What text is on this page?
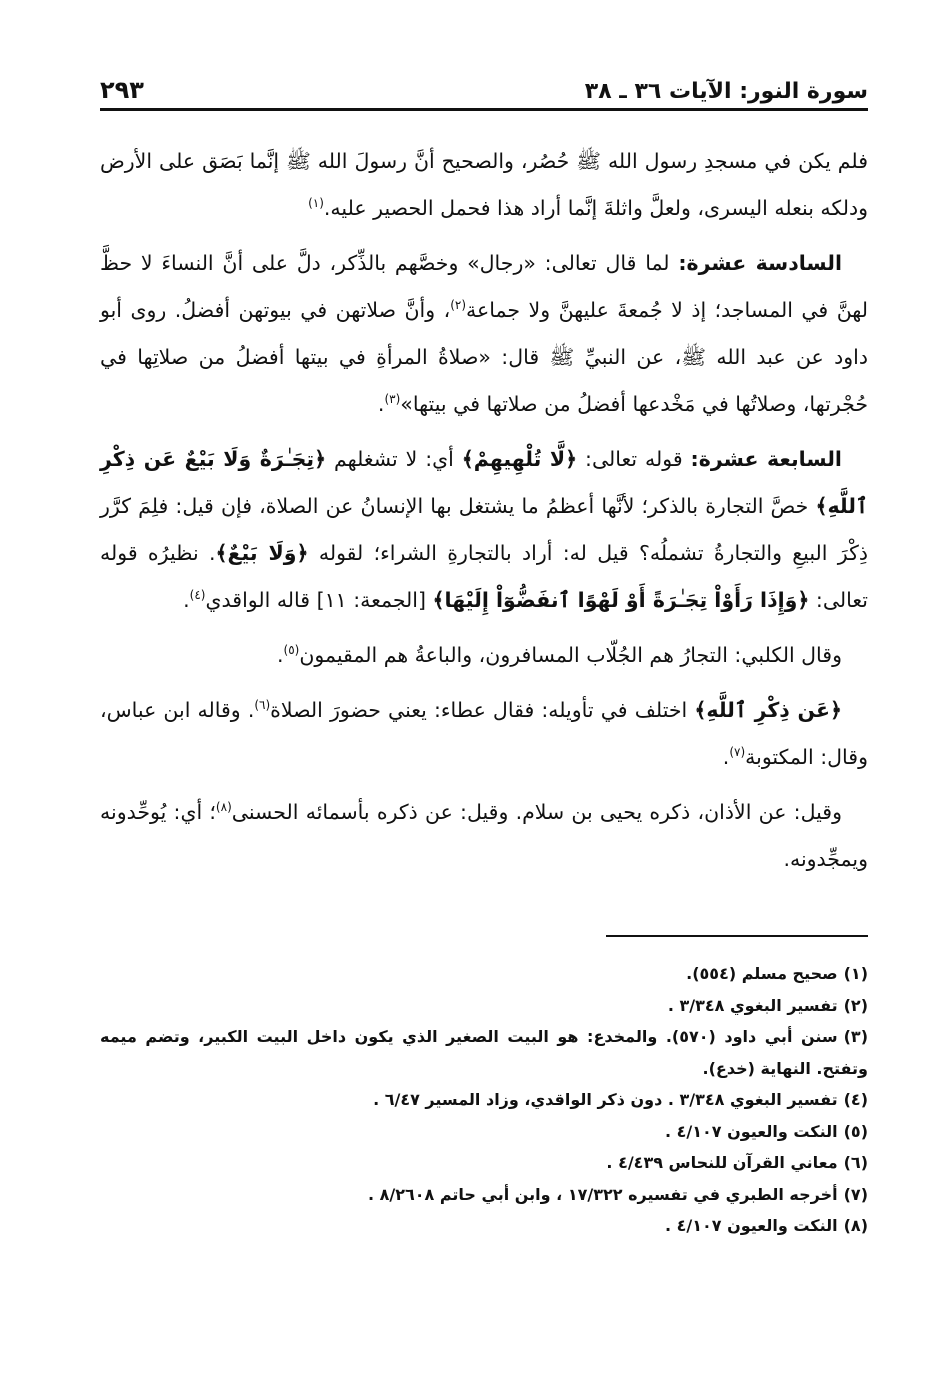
سورة النور: الآيات ٣٦ ـ ٣٨
٢٩٣

فلم يكن في مسجدِ رسول الله ﷺ حُصُر، والصحيح أنَّ رسولَ الله ﷺ إنَّما بَصَق على الأرض ودلكه بنعله اليسرى، ولعلَّ واثلةَ إنَّما أراد هذا فحمل الحصير عليه.$^{(١)}$

السادسة عشرة: لما قال تعالى: «رجال» وخصَّهم بالذِّكر، دلَّ على أنَّ النساءَ لا حظَّ لهنَّ في المساجد؛ إذ لا جُمعةَ عليهنَّ ولا جماعة$^{(٢)}$، وأنَّ صلاتهن في بيوتهن أفضلُ. روى أبو داود عن عبد الله ﷺ، عن النبيِّ ﷺ قال: «صلاةُ المرأةِ في بيتها أفضلُ من صلاتِها في حُجْرتها، وصلاتُها في مَخْدعها أفضلُ من صلاتها في بيتها»$^{(٣)}$.

السابعة عشرة: قوله تعالى: ﴿لَّا تُلْهِيهِمْ﴾ أي: لا تشغلهم ﴿تِجَـٰرَةٌ وَلَا بَيْعٌ عَن ذِكْرِ ٱللَّهِ﴾ خصَّ التجارة بالذكر؛ لأنَّها أعظمُ ما يشتغل بها الإنسانُ عن الصلاة، فإن قيل: فلِمَ كرَّر ذِكْرَ البيعِ والتجارةُ تشملُه؟ قيل له: أراد بالتجارةِ الشراء؛ لقوله ﴿وَلَا بَيْعٌ﴾. نظيرُه قوله تعالى: ﴿وَإِذَا رَأَوْاْ تِجَـٰرَةً أَوْ لَهْوًا ٱنفَضُّوٓاْ إِلَيْهَا﴾ [الجمعة: ١١] قاله الواقدي$^{(٤)}$.

وقال الكلبي: التجارُ هم الجُلّاب المسافرون، والباعةُ هم المقيمون$^{(٥)}$.

﴿عَن ذِكْرِ ٱللَّهِ﴾ اختلف في تأويله: فقال عطاء: يعني حضورَ الصلاة$^{(٦)}$. وقاله ابن عباس، وقال: المكتوبة$^{(٧)}$.

وقيل: عن الأذان، ذكره يحيى بن سلام. وقيل: عن ذكره بأسمائه الحسنى$^{(٨)}$؛ أي: يُوحِّدونه ويمجِّدونه.

(١)صحيح مسلم (٥٥٤).

(٢)تفسير البغوي ٣/٣٤٨ .

(٣)سنن أبي داود (٥٧٠). والمخدع: هو البيت الصغير الذي يكون داخل البيت الكبير، وتضم ميمه وتفتح. النهاية (خدع).

(٤)تفسير البغوي ٣/٣٤٨ . دون ذكر الواقدي، وزاد المسير ٦/٤٧ .

(٥)النكت والعيون ٤/١٠٧ .

(٦)معاني القرآن للنحاس ٤/٤٣٩ .

(٧)أخرجه الطبري في تفسيره ١٧/٣٢٢ ، وابن أبي حاتم ٨/٢٦٠٨ .

(٨)النكت والعيون ٤/١٠٧ .
